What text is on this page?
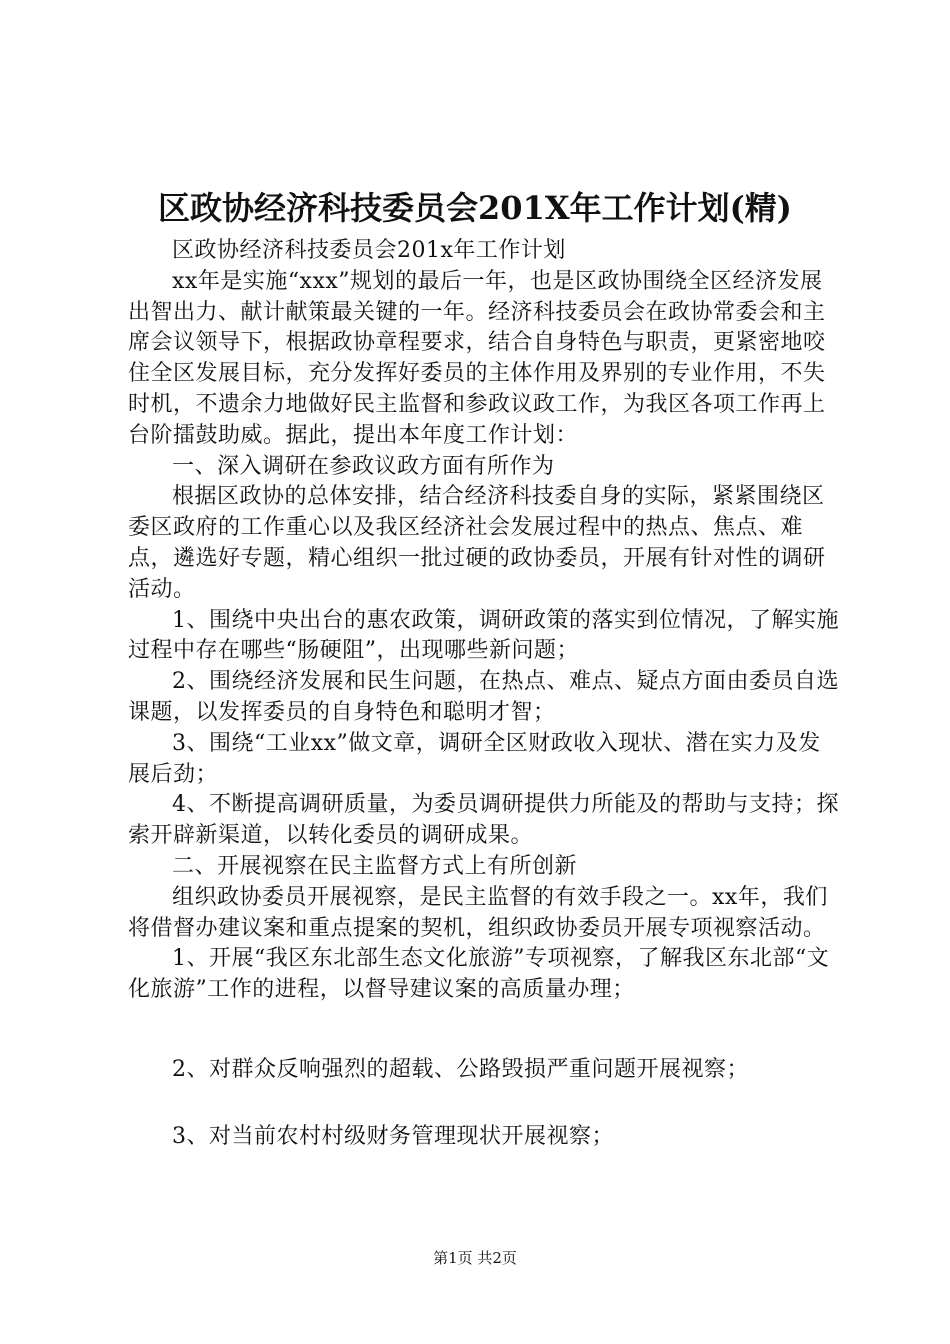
区政协经济科技委员会201X年工作计划(精)

区政协经济科技委员会201x年工作计划

xx年是实施“xxx”规划的最后一年，也是区政协围绕全区经济发展出智出力、献计献策最关键的一年。经济科技委员会在政协常委会和主席会议领导下，根据政协章程要求，结合自身特色与职责，更紧密地咬住全区发展目标，充分发挥好委员的主体作用及界别的专业作用，不失时机，不遗余力地做好民主监督和参政议政工作，为我区各项工作再上台阶擂鼓助威。据此，提出本年度工作计划：

一、深入调研在参政议政方面有所作为

根据区政协的总体安排，结合经济科技委自身的实际，紧紧围绕区委区政府的工作重心以及我区经济社会发展过程中的热点、焦点、难点，遴选好专题，精心组织一批过硬的政协委员，开展有针对性的调研活动。

1、围绕中央出台的惠农政策，调研政策的落实到位情况，了解实施过程中存在哪些“肠硬阻”，出现哪些新问题；

2、围绕经济发展和民生问题，在热点、难点、疑点方面由委员自选课题，以发挥委员的自身特色和聪明才智；

3、围绕“工业xx”做文章，调研全区财政收入现状、潜在实力及发展后劲；

4、不断提高调研质量，为委员调研提供力所能及的帮助与支持；探索开辟新渠道，以转化委员的调研成果。

二、开展视察在民主监督方式上有所创新

组织政协委员开展视察，是民主监督的有效手段之一。xx年，我们将借督办建议案和重点提案的契机，组织政协委员开展专项视察活动。

1、开展“我区东北部生态文化旅游”专项视察，了解我区东北部“文化旅游”工作的进程，以督导建议案的高质量办理；

2、对群众反响强烈的超载、公路毁损严重问题开展视察；

3、对当前农村村级财务管理现状开展视察；

第1页 共2页
